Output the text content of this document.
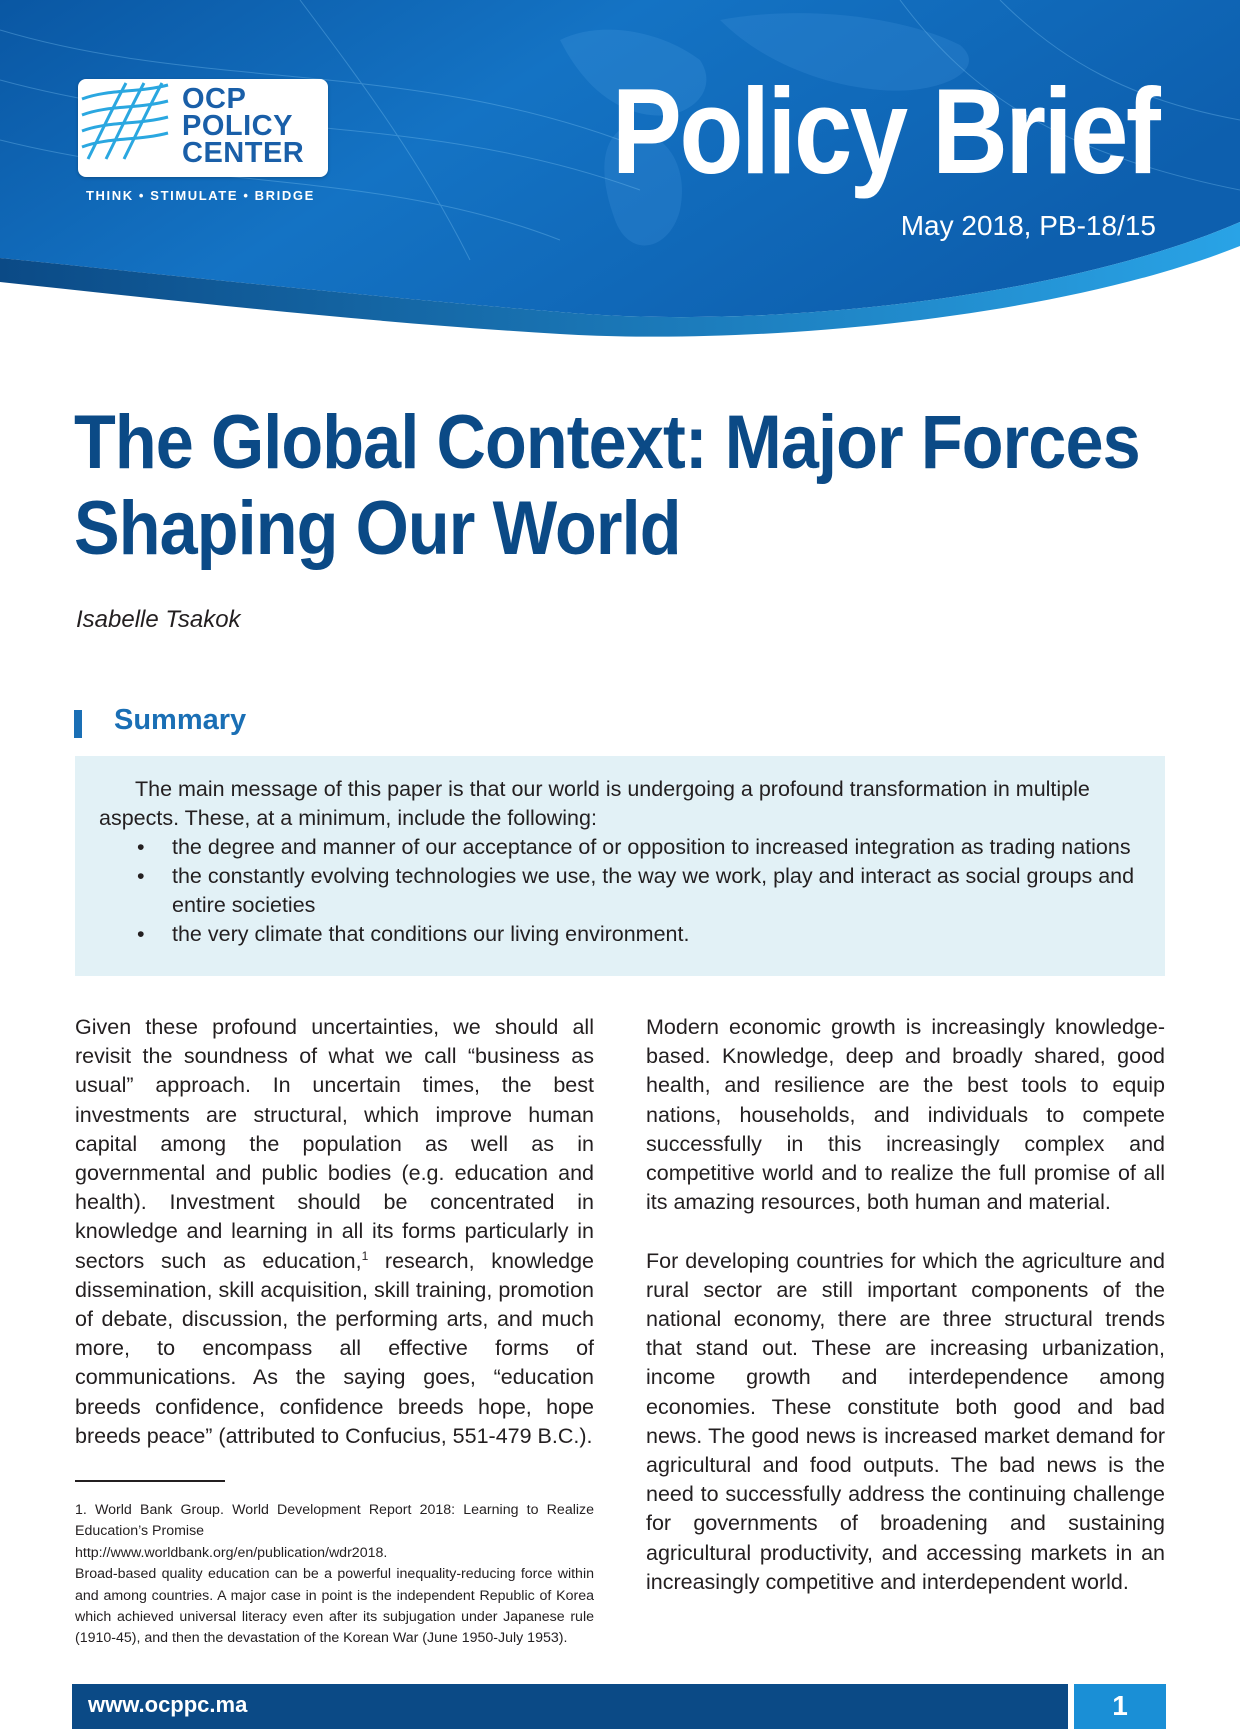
OCP
POLICY
CENTER
THINK • STIMULATE • BRIDGE Policy Brief
May 2018, PB-18/15
The Global Context: Major Forces
Shaping Our World
Isabelle Tsakok
Summary

The main message of this paper is that our world is undergoing a profound transformation in multiple aspects. These, at a minimum, include the following:

• the degree and manner of our acceptance of or opposition to increased integration as trading nations
• the constantly evolving technologies we use, the way we work, play and interact as social groups and entire societies
• the very climate that conditions our living environment.

Given these profound uncertainties, we should all revisit the soundness of what we call “business as usual” approach. In uncertain times, the best investments are structural, which improve human capital among the population as well as in governmental and public bodies (e.g. education and health). Investment should be concentrated in knowledge and learning in all its forms particularly in sectors such as education,$^1$ research, knowledge dissemination, skill acquisition, skill training, promotion of debate, discussion, the performing arts, and much more, to encompass all effective forms of communications. As the saying goes, “education breeds confidence, confidence breeds hope, hope breeds peace” (attributed to Confucius, 551-479 B.C.).

Modern economic growth is increasingly knowledge-based. Knowledge, deep and broadly shared, good health, and resilience are the best tools to equip nations, households, and individuals to compete successfully in this increasingly complex and competitive world and to realize the full promise of all its amazing resources, both human and material.

For developing countries for which the agriculture and rural sector are still important components of the national economy, there are three structural trends that stand out. These are increasing urbanization, income growth and interdependence among economies. These constitute both good and bad news. The good news is increased market demand for agricultural and food outputs. The bad news is the need to successfully address the continuing challenge for governments of broadening and sustaining agricultural productivity, and accessing markets in an increasingly competitive and interdependent world.

1. World Bank Group. World Development Report 2018: Learning to Realize Education’s Promise

http://www.worldbank.org/en/publication/wdr2018.

Broad-based quality education can be a powerful inequality-reducing force within and among countries. A major case in point is the independent Republic of Korea which achieved universal literacy even after its subjugation under Japanese rule (1910-45), and then the devastation of the Korean War (June 1950-July 1953).

www.ocppc.ma	1
